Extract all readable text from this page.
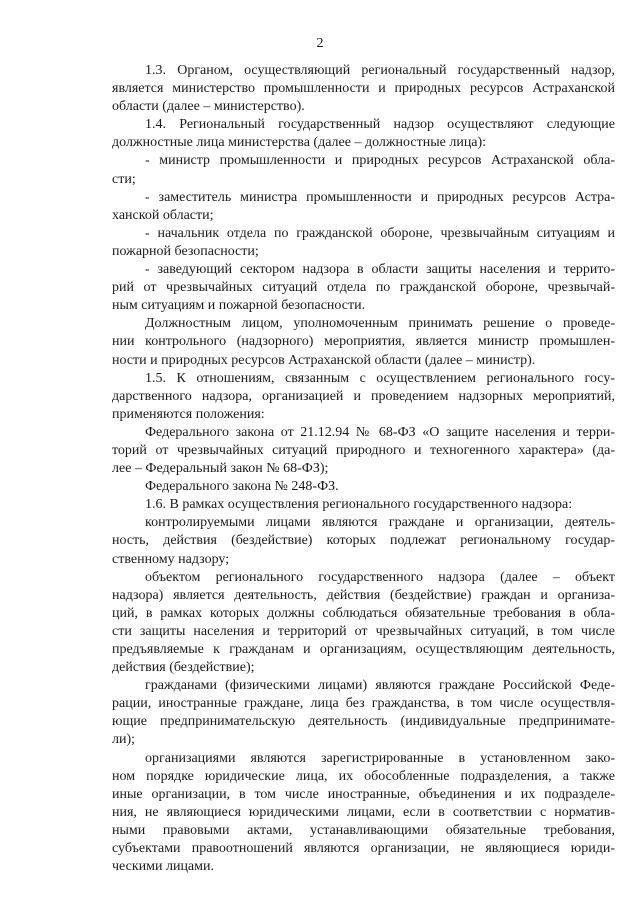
2
1.3. Органом, осуществляющий региональный государственный надзор,
является министерство промышленности и природных ресурсов Астраханской
области (далее – министерство).
1.4. Региональный государственный надзор осуществляют следующие
должностные лица министерства (далее – должностные лица):
- министр промышленности и природных ресурсов Астраханской обла-
сти;
- заместитель министра промышленности и природных ресурсов Астра-
ханской области;
- начальник отдела по гражданской обороне, чрезвычайным ситуациям и
пожарной безопасности;
- заведующий сектором надзора в области защиты населения и террито-
рий от чрезвычайных ситуаций отдела по гражданской обороне, чрезвычай-
ным ситуациям и пожарной безопасности.
Должностным лицом, уполномоченным принимать решение о проведе-
нии контрольного (надзорного) мероприятия, является министр промышлен-
ности и природных ресурсов Астраханской области (далее – министр).
1.5. К отношениям, связанным с осуществлением регионального госу-
дарственного надзора, организацией и проведением надзорных мероприятий,
применяются положения:
Федерального закона от 21.12.94 № 68-ФЗ «О защите населения и терри-
торий от чрезвычайных ситуаций природного и техногенного характера» (да-
лее – Федеральный закон № 68-ФЗ);
Федерального закона № 248-ФЗ.
1.6. В рамках осуществления регионального государственного надзора:
контролируемыми лицами являются граждане и организации, деятель-
ность, действия (бездействие) которых подлежат региональному государ-
ственному надзору;
объектом регионального государственного надзора (далее – объект
надзора) является деятельность, действия (бездействие) граждан и организа-
ций, в рамках которых должны соблюдаться обязательные требования в обла-
сти защиты населения и территорий от чрезвычайных ситуаций, в том числе
предъявляемые к гражданам и организациям, осуществляющим деятельность,
действия (бездействие);
гражданами (физическими лицами) являются граждане Российской Феде-
рации, иностранные граждане, лица без гражданства, в том числе осуществля-
ющие предпринимательскую деятельность (индивидуальные предпринимате-
ли);
организациями являются зарегистрированные в установленном зако-
ном порядке юридические лица, их обособленные подразделения, а также
иные организации, в том числе иностранные, объединения и их подразделе-
ния, не являющиеся юридическими лицами, если в соответствии с норматив-
ными правовыми актами, устанавливающими обязательные требования,
субъектами правоотношений являются организации, не являющиеся юриди-
ческими лицами.
